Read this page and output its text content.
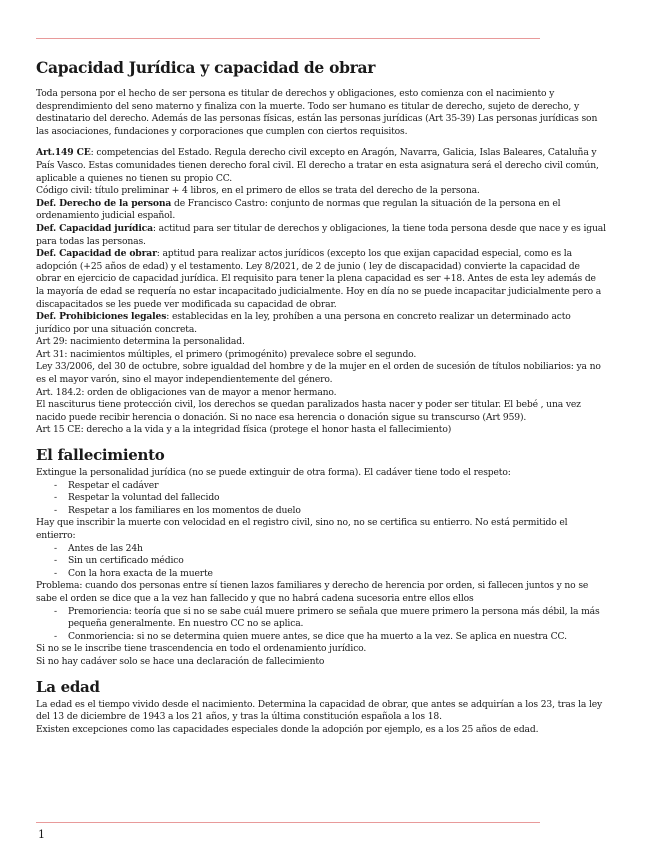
Capacidad Jurídica y capacidad de obrar

Toda persona por el hecho de ser persona es titular de derechos y obligaciones, esto comienza con el nacimiento y desprendimiento del seno materno y finaliza con la muerte. Todo ser humano es titular de derecho, sujeto de derecho, y destinatario del derecho. Además de las personas físicas, están las personas jurídicas (Art 35-39) Las personas jurídicas son las asociaciones, fundaciones y corporaciones que cumplen con ciertos requisitos.

Art.149 CE: competencias del Estado. Regula derecho civil excepto en Aragón, Navarra, Galicia, Islas Baleares, Cataluña y País Vasco. Estas comunidades tienen derecho foral civil. El derecho a tratar en esta asignatura será el derecho civil común, aplicable a quienes no tienen su propio CC.

Código civil: título preliminar + 4 libros, en el primero de ellos se trata del derecho de la persona.

Def. Derecho de la persona de Francisco Castro: conjunto de normas que regulan la situación de la persona en el ordenamiento judicial español.

Def. Capacidad jurídica: actitud para ser titular de derechos y obligaciones, la tiene toda persona desde que nace y es igual para todas las personas.

Def. Capacidad de obrar: aptitud para realizar actos jurídicos (excepto los que exijan capacidad especial, como es la adopción (+25 años de edad) y el testamento. Ley 8/2021, de 2 de junio ( ley de discapacidad) convierte la capacidad de obrar en ejercicio de capacidad jurídica. El requisito para tener la plena capacidad es ser +18. Antes de esta ley además de la mayoría de edad se requería no estar incapacitado judicialmente. Hoy en día no se puede incapacitar judicialmente pero a discapacitados se les puede ver modificada su capacidad de obrar.

Def. Prohibiciones legales: establecidas en la ley, prohíben a una persona en concreto realizar un determinado acto jurídico por una situación concreta.

Art 29: nacimiento determina la personalidad.

Art 31: nacimientos múltiples, el primero (primogénito) prevalece sobre el segundo.

Ley 33/2006, del 30 de octubre, sobre igualdad del hombre y de la mujer en el orden de sucesión de títulos nobiliarios: ya no es el mayor varón, sino el mayor independientemente del género.

Art. 184.2: orden de obligaciones van de mayor a menor hermano.

El nasciturus tiene protección civil, los derechos se quedan paralizados hasta nacer y poder ser titular. El bebé , una vez nacido puede recibir herencia o donación. Si no nace esa herencia o donación sigue su transcurso (Art 959).

Art 15 CE: derecho a la vida y a la integridad física (protege el honor hasta el fallecimiento)

El fallecimiento

Extingue la personalidad jurídica (no se puede extinguir de otra forma). El cadáver tiene todo el respeto:

- Respetar el cadáver
- Respetar la voluntad del fallecido
- Respetar a los familiares en los momentos de duelo

Hay que inscribir la muerte con velocidad en el registro civil, sino no, no se certifica su entierro. No está permitido el entierro:

- Antes de las 24h
- Sin un certificado médico
- Con la hora exacta de la muerte

Problema: cuando dos personas entre sí tienen lazos familiares y derecho de herencia por orden, si fallecen juntos y no se sabe el orden se dice que a la vez han fallecido y que no habrá cadena sucesoria entre ellos ellos

- Premoriencia: teoría que si no se sabe cuál muere primero se señala que muere primero la persona más débil, la más pequeña generalmente. En nuestro CC no se aplica.
- Conmoriencia: si no se determina quien muere antes, se dice que ha muerto a la vez. Se aplica en nuestra CC.

Si no se le inscribe tiene trascendencia en todo el ordenamiento jurídico.

Si no hay cadáver solo se hace una declaración de fallecimiento

La edad

La edad es el tiempo vivido desde el nacimiento. Determina la capacidad de obrar, que antes se adquirían a los 23, tras la ley del 13 de diciembre de 1943 a los 21 años, y tras la última constitución española a los 18.

Existen excepciones como las capacidades especiales donde la adopción por ejemplo, es a los 25 años de edad.

1
